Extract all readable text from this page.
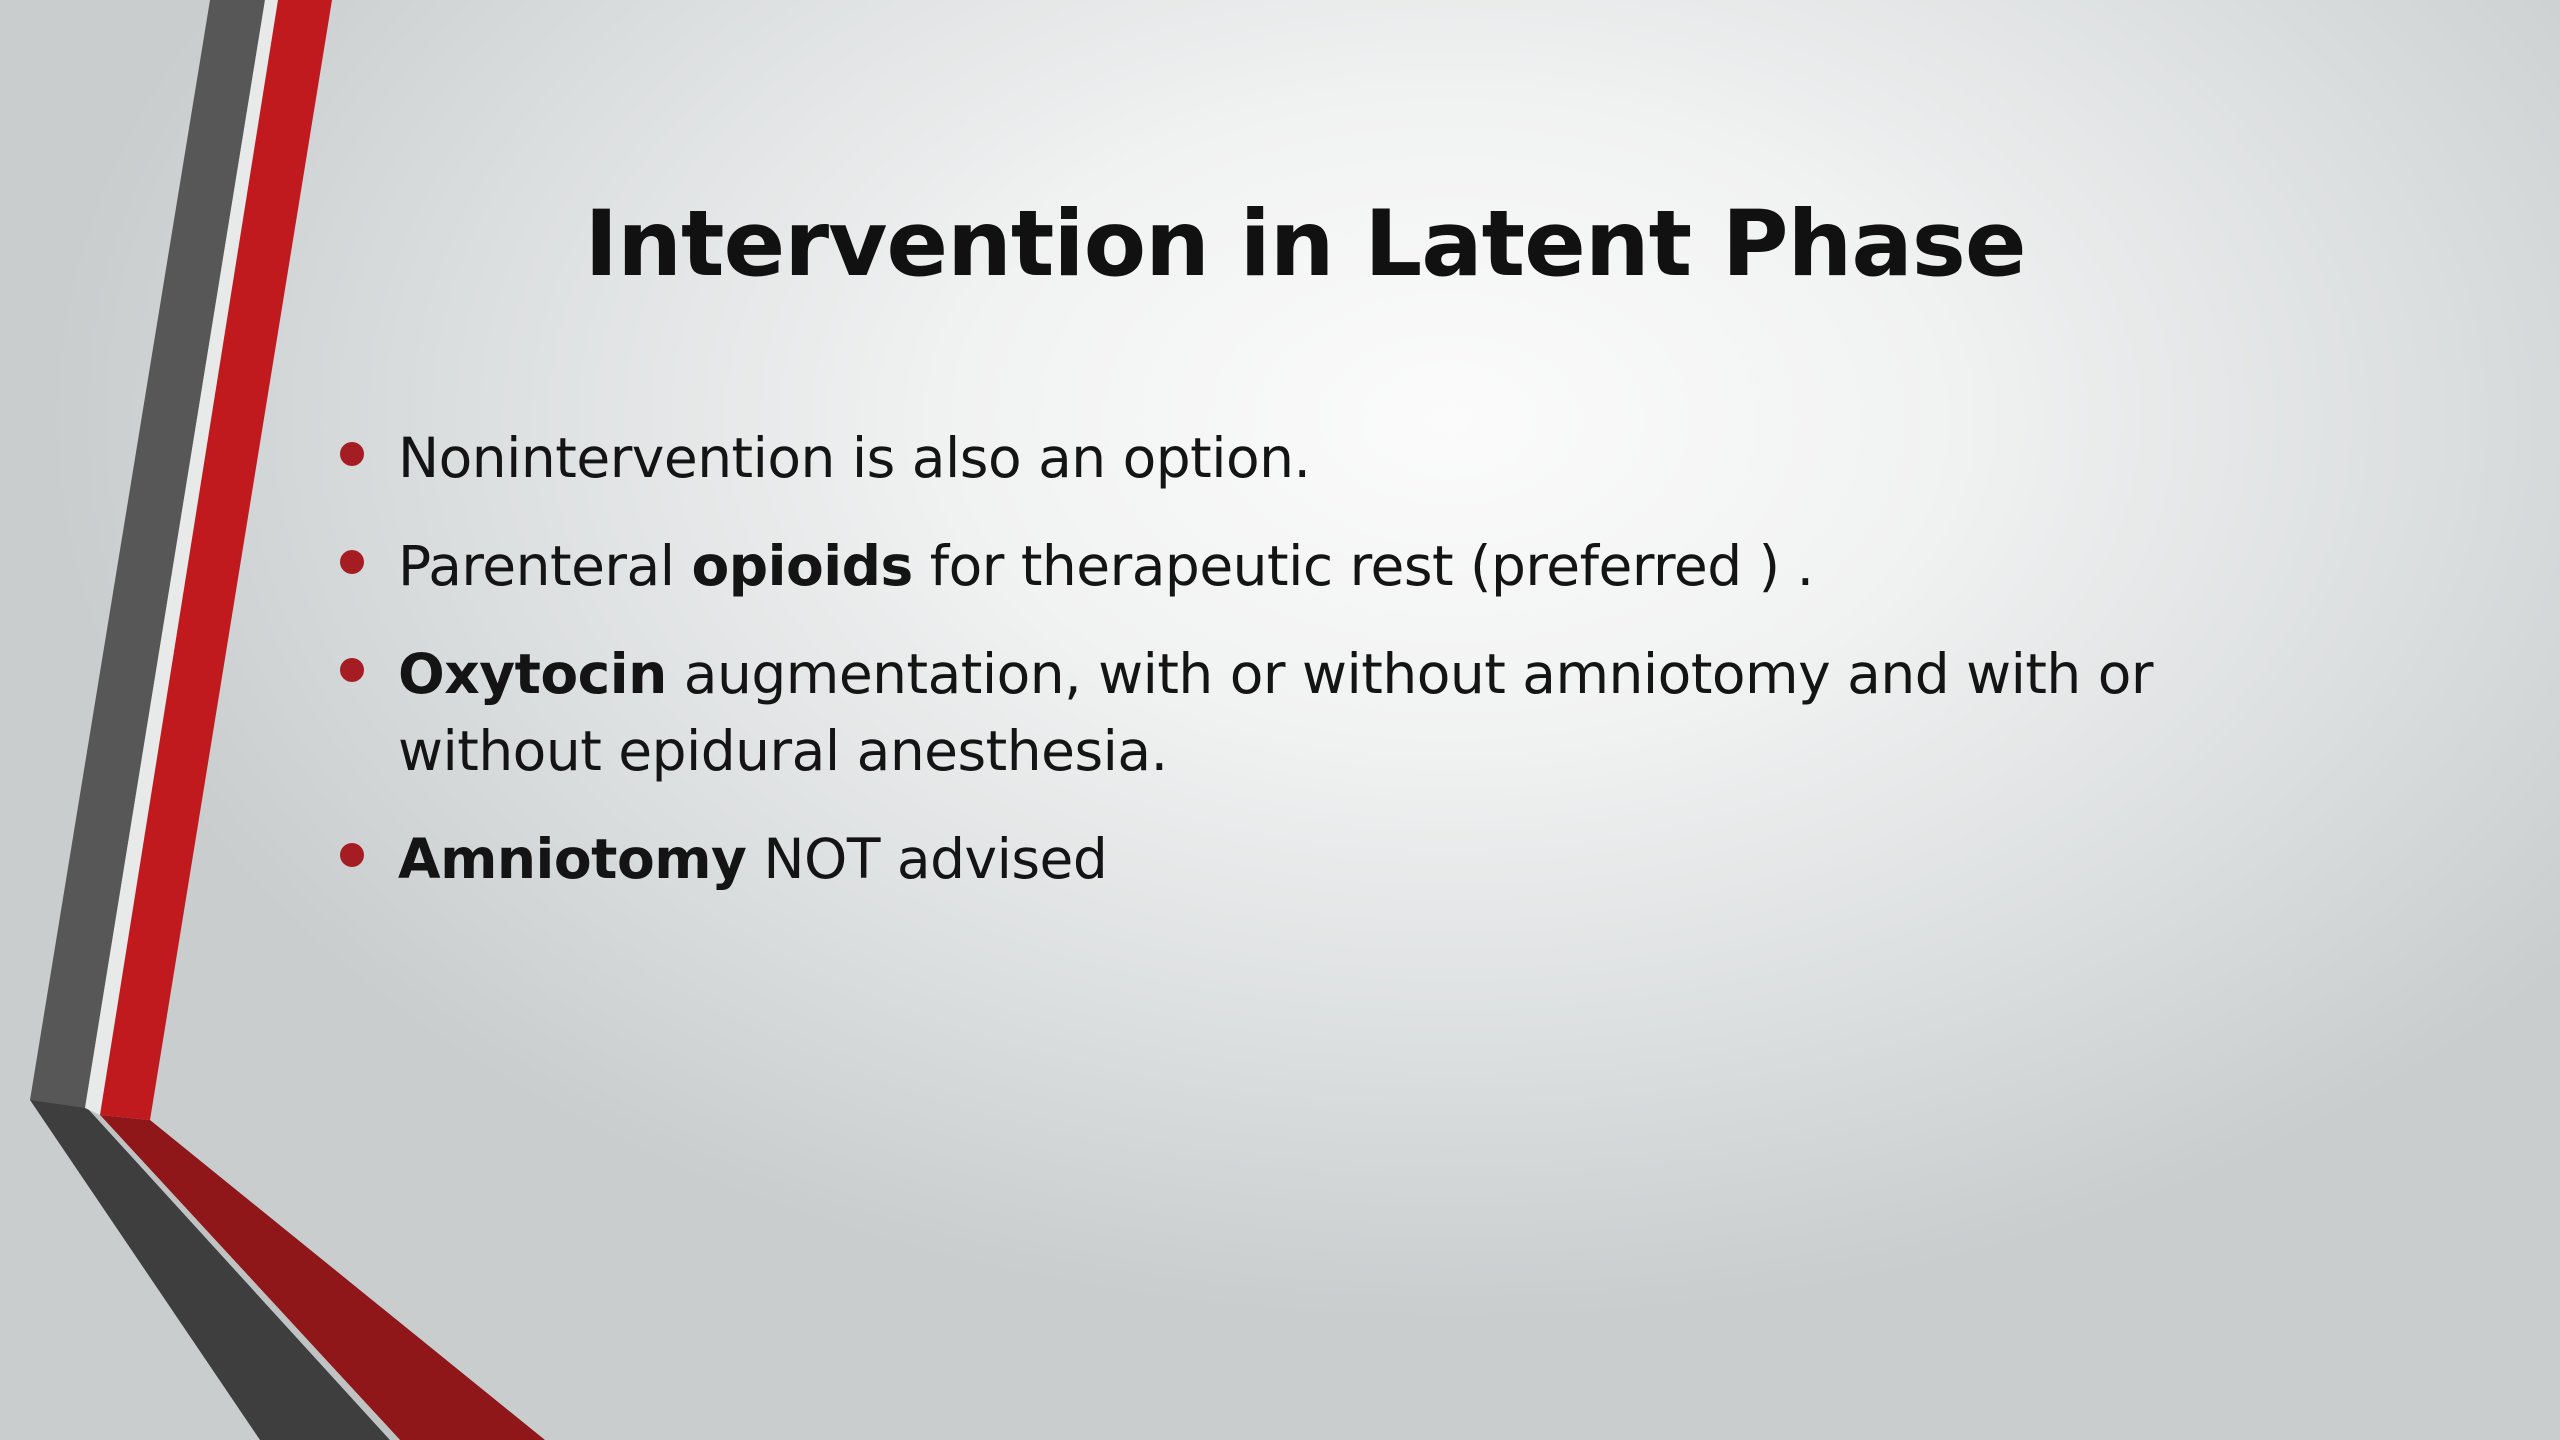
Intervention in Latent Phase
Nonintervention is also an option.
Parenteral opioids for therapeutic rest (preferred ) .
Oxytocin augmentation, with or without amniotomy and with or without epidural anesthesia.
Amniotomy NOT advised
